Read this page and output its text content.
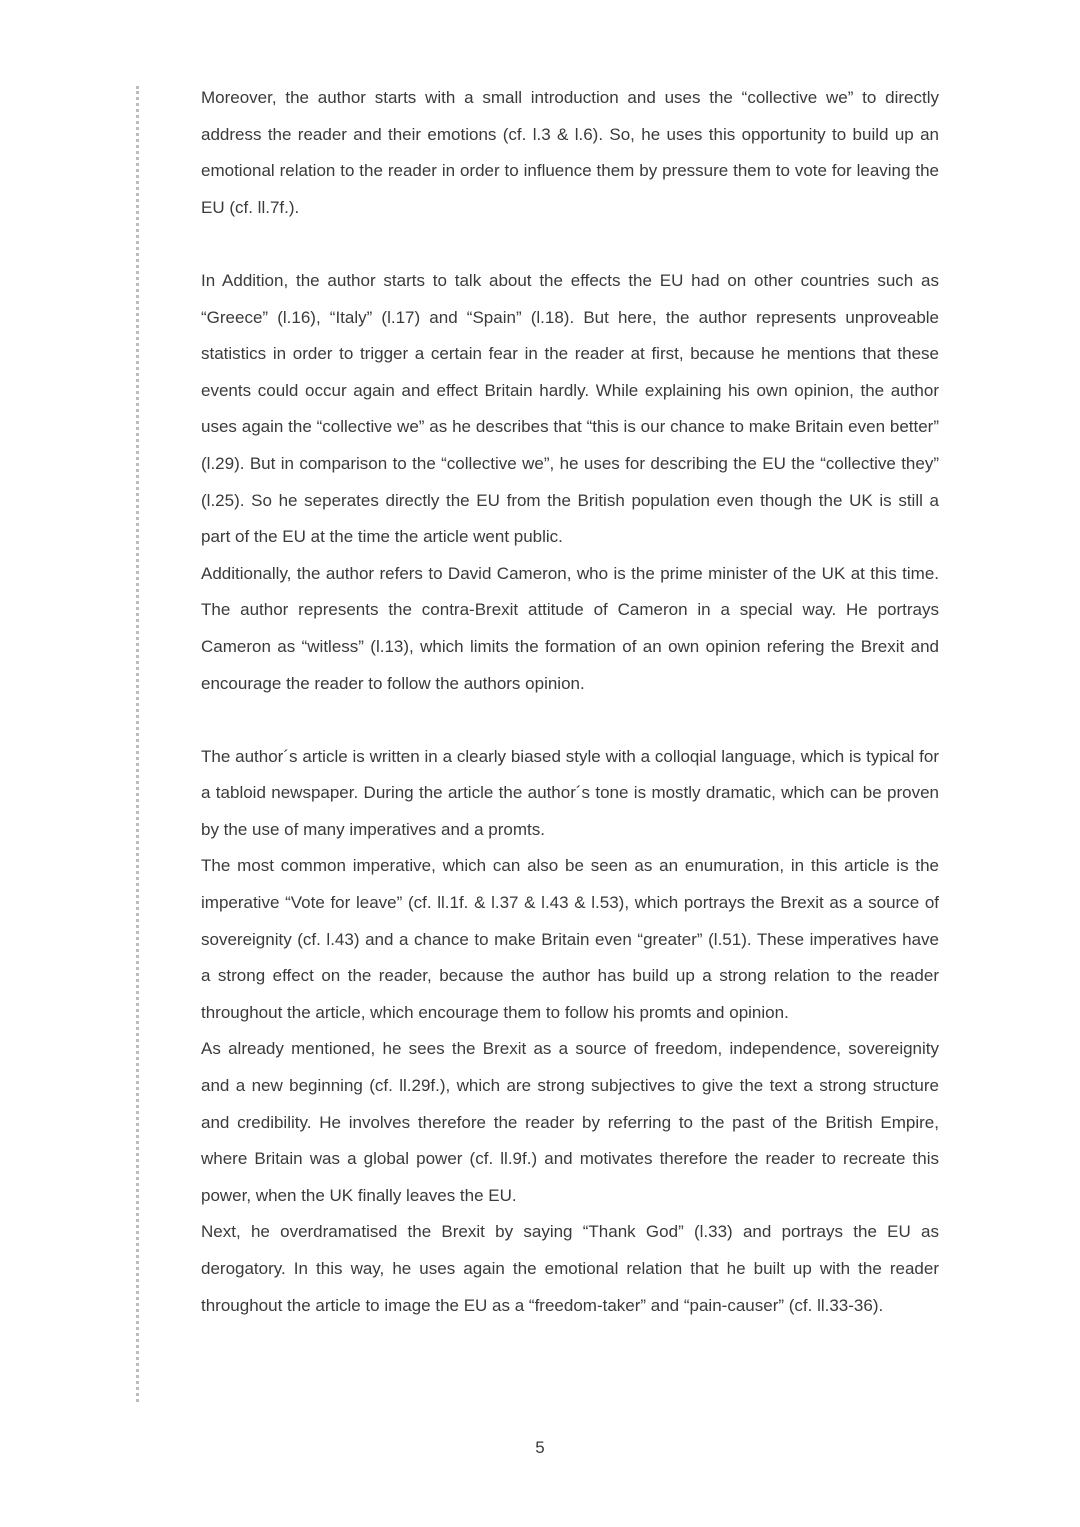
Moreover, the author starts with a small introduction and uses the “collective we” to directly address the reader and their emotions (cf. l.3 & l.6). So, he uses this opportunity to build up an emotional relation to the reader in order to influence them by pressure them to vote for leaving the EU (cf. ll.7f.).

In Addition, the author starts to talk about the effects the EU had on other countries such as “Greece” (l.16), “Italy” (l.17) and “Spain” (l.18). But here, the author represents unproveable statistics in order to trigger a certain fear in the reader at first, because he mentions that these events could occur again and effect Britain hardly. While explaining his own opinion, the author uses again the “collective we” as he describes that “this is our chance to make Britain even better” (l.29). But in comparison to the “collective we”, he uses for describing the EU the “collective they” (l.25). So he seperates directly the EU from the British population even though the UK is still a part of the EU at the time the article went public.

Additionally, the author refers to David Cameron, who is the prime minister of the UK at this time. The author represents the contra-Brexit attitude of Cameron in a special way. He portrays Cameron as “witless” (l.13), which limits the formation of an own opinion refering the Brexit and encourage the reader to follow the authors opinion.

The author´s article is written in a clearly biased style with a colloqial language, which is typical for a tabloid newspaper. During the article the author´s tone is mostly dramatic, which can be proven by the use of many imperatives and a promts.

The most common imperative, which can also be seen as an enumuration, in this article is the imperative “Vote for leave” (cf. ll.1f. & l.37 & l.43 & l.53), which portrays the Brexit as a source of sovereignity (cf. l.43) and a chance to make Britain even “greater” (l.51). These imperatives have a strong effect on the reader, because the author has build up a strong relation to the reader throughout the article, which encourage them to follow his promts and opinion.

As already mentioned, he sees the Brexit as a source of freedom, independence, sovereignity and a new beginning (cf. ll.29f.), which are strong subjectives to give the text a strong structure and credibility. He involves therefore the reader by referring to the past of the British Empire, where Britain was a global power (cf. ll.9f.) and motivates therefore the reader to recreate this power, when the UK finally leaves the EU.

Next, he overdramatised the Brexit by saying “Thank God” (l.33) and portrays the EU as derogatory. In this way, he uses again the emotional relation that he built up with the reader throughout the article to image the EU as a “freedom-taker” and “pain-causer” (cf. ll.33-36).

5
